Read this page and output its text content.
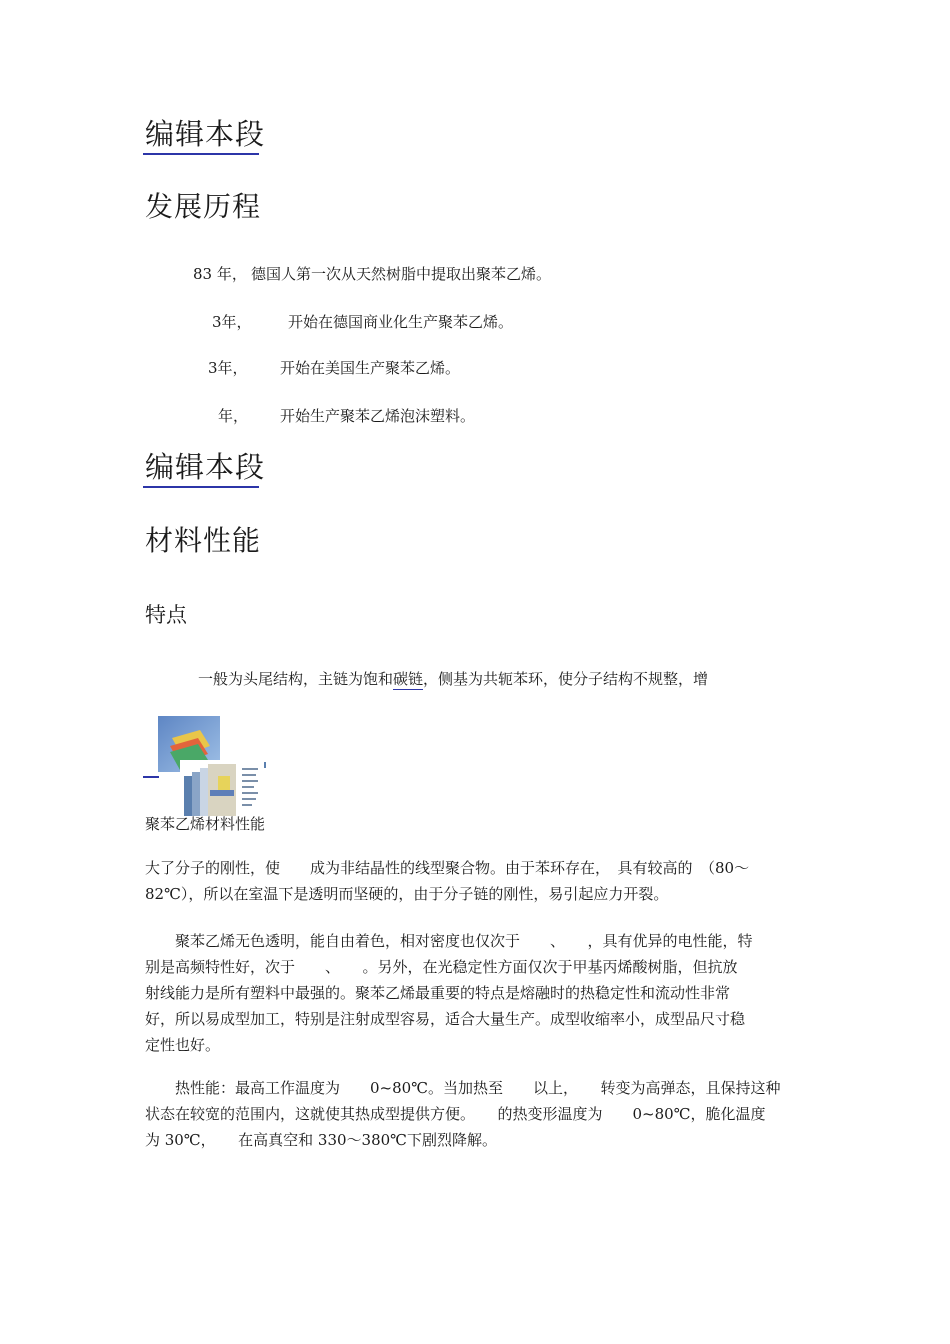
编辑本段
发展历程
83 年， 德国人第一次从天然树脂中提取出聚苯乙烯。
3年， 开始在德国商业化生产聚苯乙烯。
3年， 开始在美国生产聚苯乙烯。
年， 开始生产聚苯乙烯泡沫塑料。
编辑本段
材料性能
特点
一般为头尾结构，主链为饱和碳链，侧基为共轭苯环，使分子结构不规整，增
聚苯乙烯材料性能
大了分子的刚性，使　　成为非结晶性的线型聚合物。由于苯环存在，　具有较高的　（80～
82℃），所以在室温下是透明而坚硬的，由于分子链的刚性，易引起应力开裂。
　　聚苯乙烯无色透明，能自由着色，相对密度也仅次于　　、　　，具有优异的电性能，特
别是高频特性好，次于　　、　　。另外，在光稳定性方面仅次于甲基丙烯酸树脂，但抗放
射线能力是所有塑料中最强的。聚苯乙烯最重要的特点是熔融时的热稳定性和流动性非常
好，所以易成型加工，特别是注射成型容易，适合大量生产。成型收缩率小，成型品尺寸稳
定性也好。
　　热性能：最高工作温度为　　0~80℃。当加热至　　以上，　　转变为高弹态，且保持这种
状态在较宽的范围内，这就使其热成型提供方便。　　的热变形温度为　　0~80℃，脆化温度
为 30℃，　　在高真空和 330～380℃下剧烈降解。
